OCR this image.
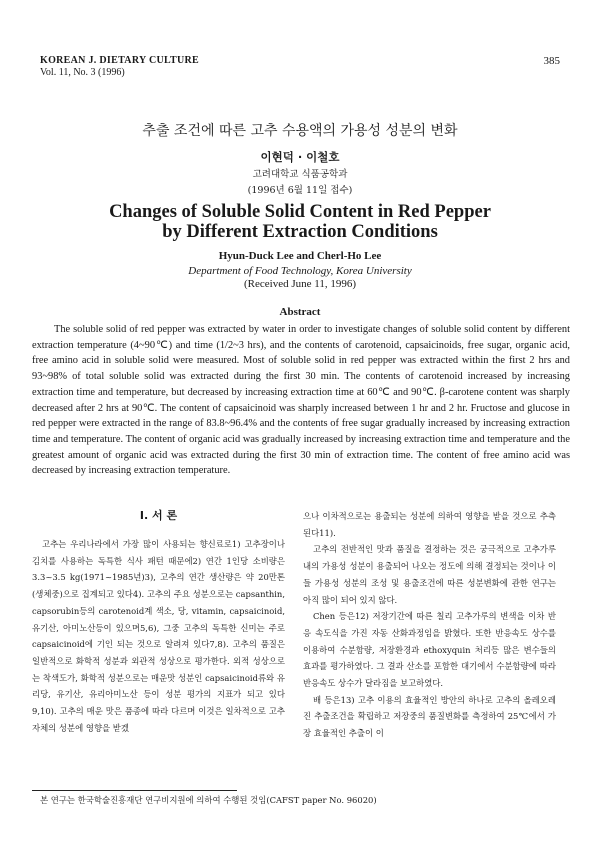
KOREAN J. DIETARY CULTURE
Vol. 11, No. 3 (1996)
385
추출 조건에 따른 고추 수용액의 가용성 성분의 변화
이현덕 · 이철호
고려대학교 식품공학과
(1996년 6월 11일 접수)
Changes of Soluble Solid Content in Red Pepper
by Different Extraction Conditions
Hyun-Duck Lee and Cherl-Ho Lee
Department of Food Technology, Korea University
(Received June 11, 1996)
Abstract

The soluble solid of red pepper was extracted by water in order to investigate changes of soluble solid content by different extraction temperature (4~90℃) and time (1/2~3 hrs), and the contents of carotenoid, capsaicinoids, free sugar, organic acid, free amino acid in soluble solid were measured. Most of soluble solid in red pepper was extracted within the first 2 hrs and 93~98% of total soluble solid was extracted during the first 30 min. The contents of carotenoid increased by increasing extraction time and temperature, but decreased by increasing extraction time at 60℃ and 90℃. β-carotene content was sharply decreased after 2 hrs at 90℃. The content of capsaicinoid was sharply increased between 1 hr and 2 hr. Fructose and glucose in red pepper were extracted in the range of 83.8~96.4% and the contents of free sugar gradually increased by increasing extraction time and temperature. The content of organic acid was gradually increased by increasing extraction time and temperature and the greatest amount of organic acid was extracted during the first 30 min of extraction time. The content of free amino acid was decreased by increasing extraction temperature.

I. 서 론

고추는 우리나라에서 가장 많이 사용되는 향신료로1) 고추장이나 김치를 사용하는 독특한 식사 패턴 때문에2) 연간 1인당 소비량은 3.3~3.5 kg(1971~1985년)3), 고추의 연간 생산량은 약 20만톤(생체중)으로 집계되고 있다4). 고추의 주요 성분으로는 capsanthin, capsorubin등의 carotenoid계 색소, 당, vitamin, capsaicinoid, 유기산, 아미노산등이 있으며5,6), 그중 고추의 독특한 신미는 주로 capsaicinoid에 기인 되는 것으로 알려져 있다7,8). 고추의 품질은 일반적으로 화학적 성분과 외관적 성상으로 평가한다. 외적 성상으로는 착색도가, 화학적 성분으로는 매운맛 성분인 capsaicinoid류와 유리당, 유기산, 유리아미노산 등이 성분 평가의 지표가 되고 있다9,10). 고추의 매운 맛은 품종에 따라 다르며 이것은 일차적으로 고추 자체의 성분에 영향을 받겠

으나 이차적으로는 용출되는 성분에 의하여 영향을 받을 것으로 추측된다11).

고추의 전반적인 맛과 품질을 결정하는 것은 궁극적으로 고추가루내의 가용성 성분이 용출되어 나오는 정도에 의해 결정되는 것이나 이들 가용성 성분의 조성 및 용출조건에 따른 성분변화에 관한 연구는 아직 많이 되어 있지 않다.

Chen 등은12) 저장기간에 따른 칠리 고추가루의 변색을 이차 반응 속도식을 가진 자동 산화과정임을 밝혔다. 또한 반응속도 상수를 이용하여 수분함량, 저장환경과 ethoxyquin 처리등 많은 변수들의 효과를 평가하였다. 그 결과 산소를 포함한 대기에서 수분함량에 따라 반응속도 상수가 달라짐을 보고하였다.

배 등은13) 고추 이용의 효율적인 방안의 하나로 고추의 올레오레진 추출조건을 확립하고 저장중의 품질변화를 측정하여 25℃에서 가장 효율적인 추출이 이

본 연구는 한국학술진흥재단 연구비지원에 의하여 수행된 것임(CAFST paper No. 96020)
